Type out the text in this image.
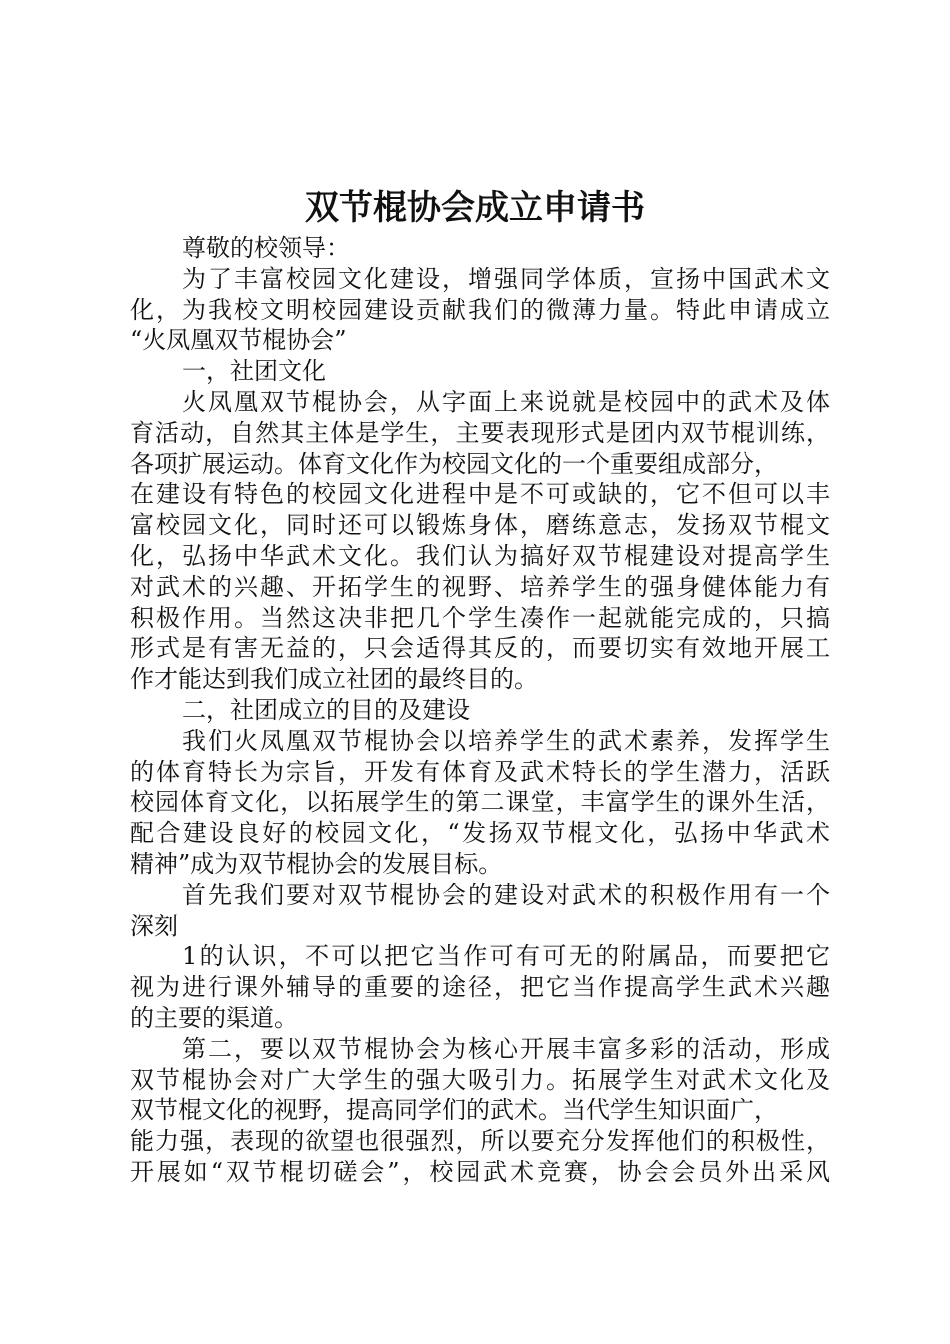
双节棍协会成立申请书
尊敬的校领导：
为了丰富校园文化建设，增强同学体质，宣扬中国武术文
化，为我校文明校园建设贡献我们的微薄力量。特此申请成立
“火凤凰双节棍协会”
一，社团文化
火凤凰双节棍协会，从字面上来说就是校园中的武术及体
育活动，自然其主体是学生，主要表现形式是团内双节棍训练，
各项扩展运动。体育文化作为校园文化的一个重要组成部分，
在建设有特色的校园文化进程中是不可或缺的，它不但可以丰
富校园文化，同时还可以锻炼身体，磨练意志，发扬双节棍文
化，弘扬中华武术文化。我们认为搞好双节棍建设对提高学生
对武术的兴趣、开拓学生的视野、培养学生的强身健体能力有
积极作用。当然这决非把几个学生凑作一起就能完成的，只搞
形式是有害无益的，只会适得其反的，而要切实有效地开展工
作才能达到我们成立社团的最终目的。
二，社团成立的目的及建设
我们火凤凰双节棍协会以培养学生的武术素养，发挥学生
的体育特长为宗旨，开发有体育及武术特长的学生潜力，活跃
校园体育文化，以拓展学生的第二课堂，丰富学生的课外生活，
配合建设良好的校园文化，“发扬双节棍文化，弘扬中华武术
精神”成为双节棍协会的发展目标。
首先我们要对双节棍协会的建设对武术的积极作用有一个
深刻
1的认识，不可以把它当作可有可无的附属品，而要把它
视为进行课外辅导的重要的途径，把它当作提高学生武术兴趣
的主要的渠道。
第二，要以双节棍协会为核心开展丰富多彩的活动，形成
双节棍协会对广大学生的强大吸引力。拓展学生对武术文化及
双节棍文化的视野，提高同学们的武术。当代学生知识面广，
能力强，表现的欲望也很强烈，所以要充分发挥他们的积极性，
开展如“双节棍切磋会”，校园武术竞赛，协会会员外出采风
